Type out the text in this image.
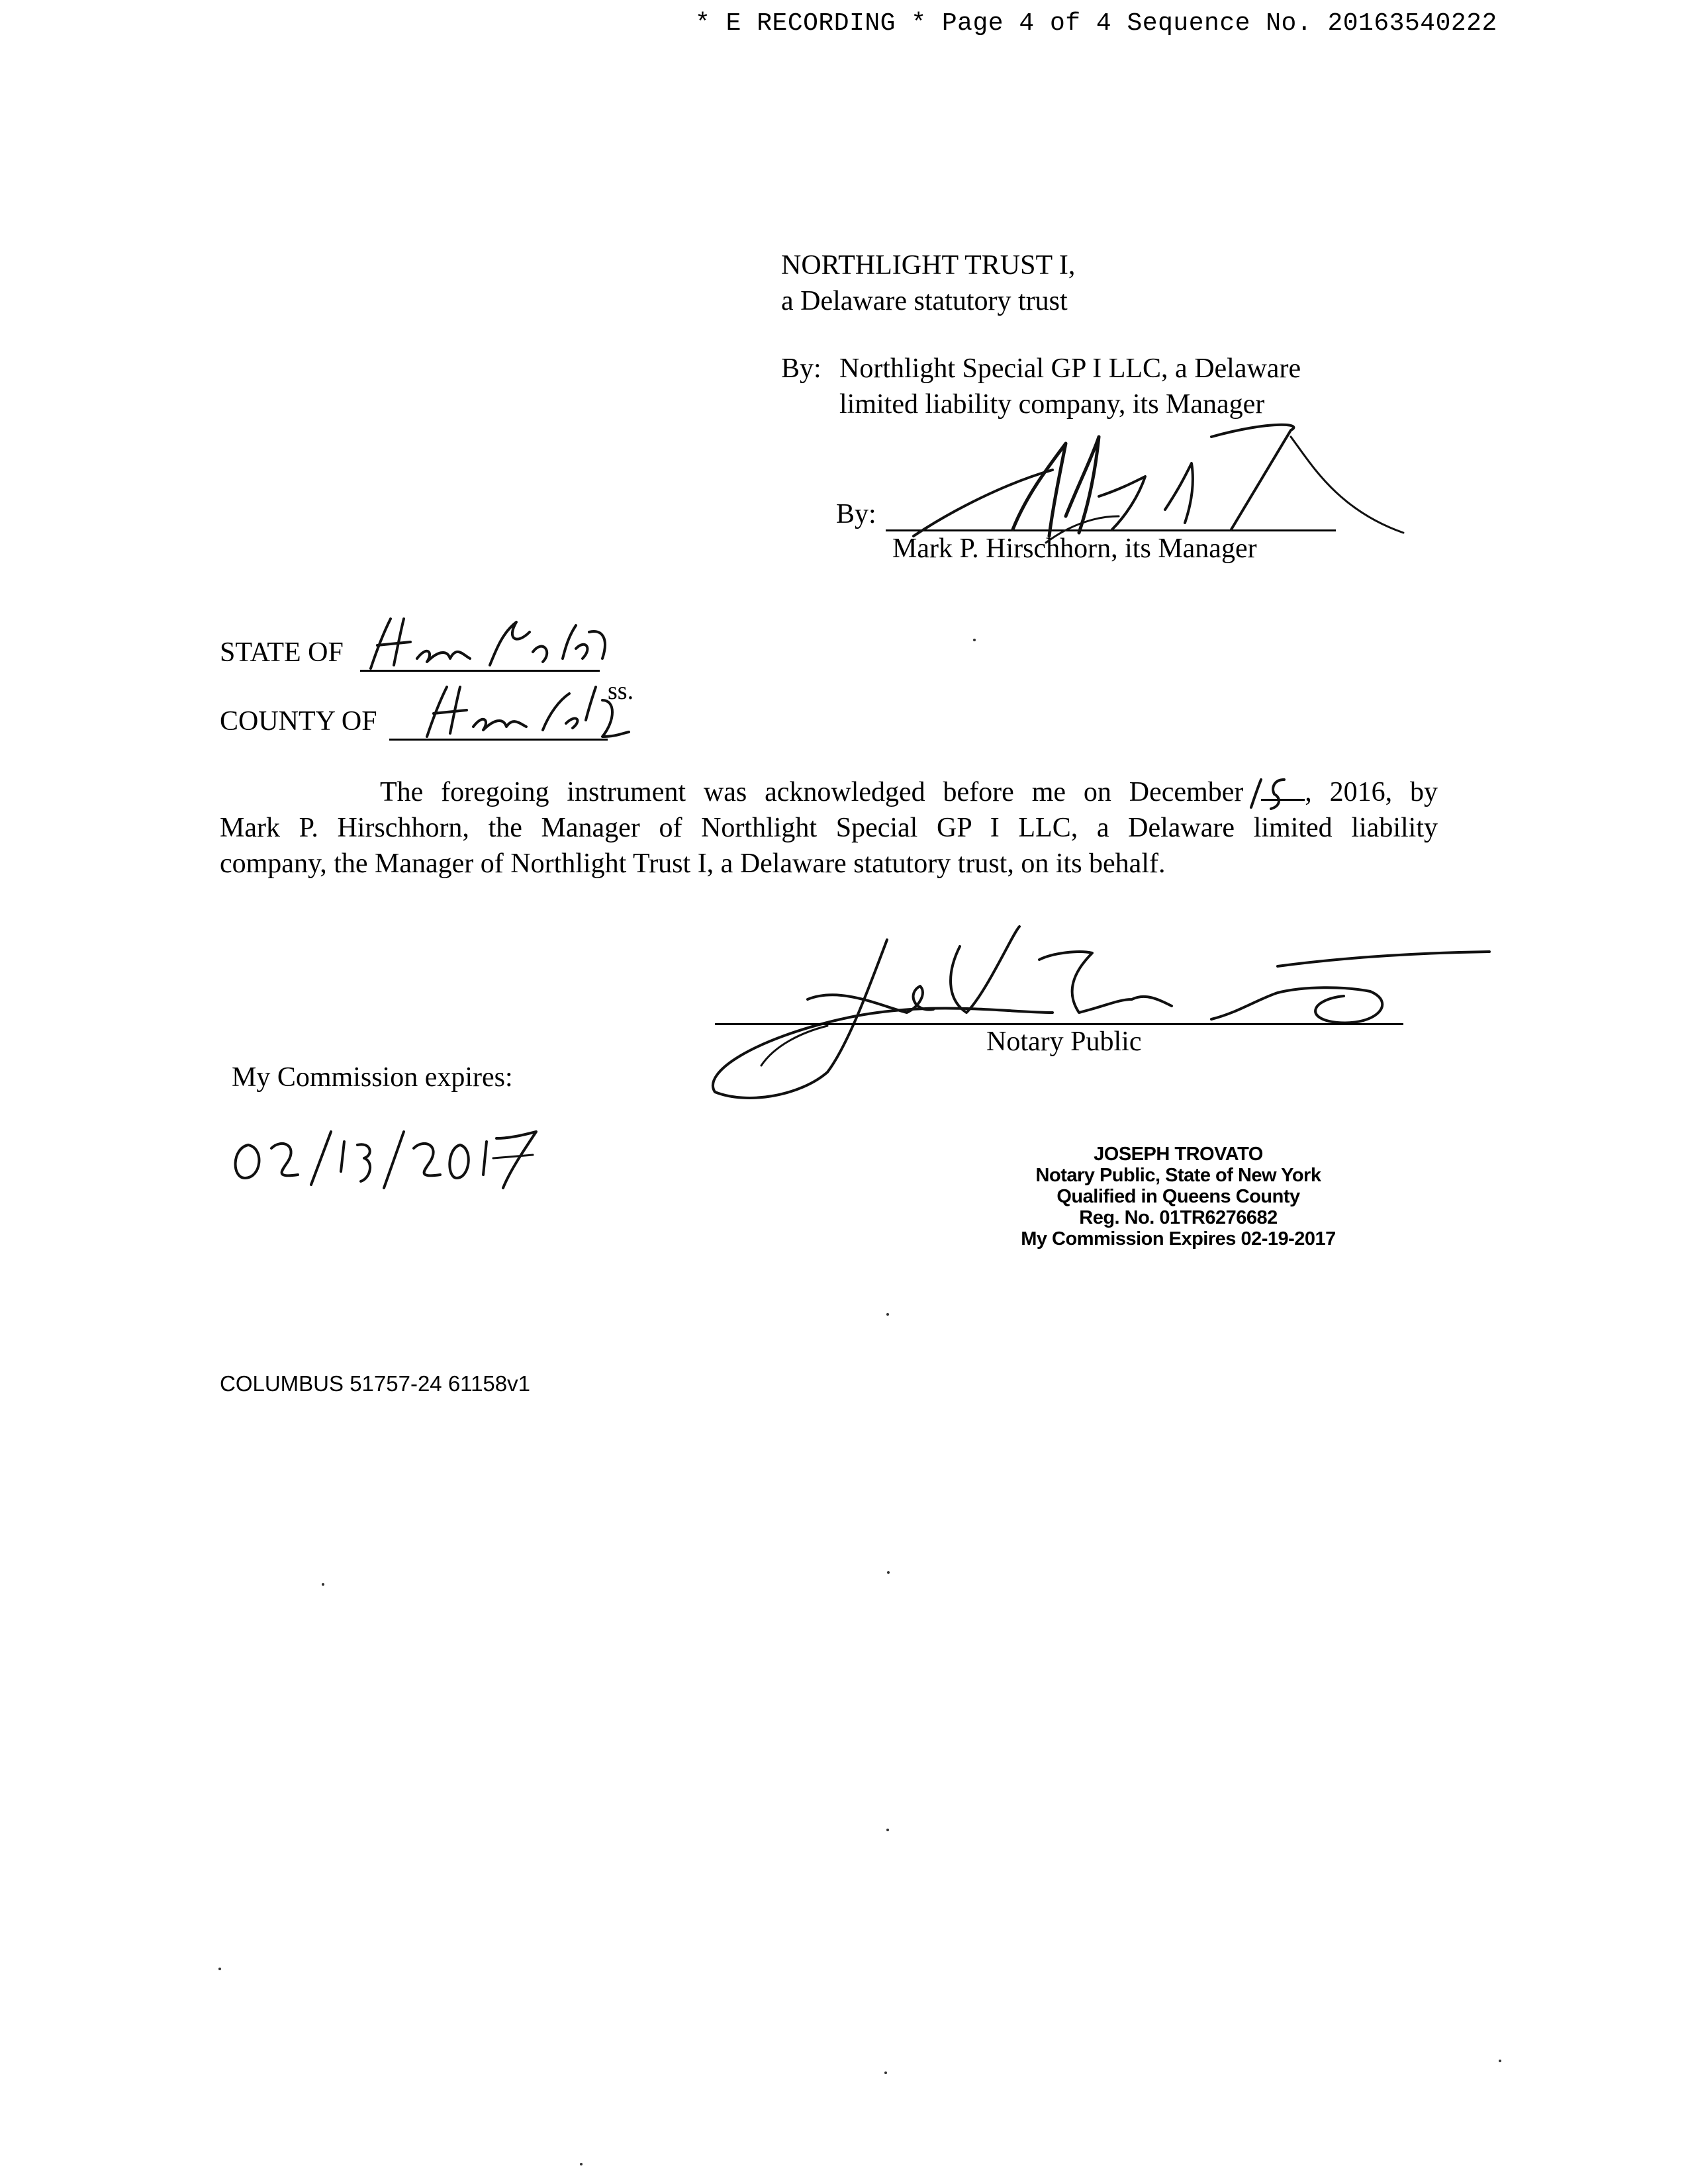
* E RECORDING * Page 4 of 4 Sequence No. 20163540222
NORTHLIGHT TRUST I,
a Delaware statutory trust
By: Northlight Special GP I LLC, a Delaware
limited liability company, its Manager
By:
Mark P. Hirschhorn, its Manager
STATE OF
COUNTY OF
ss.
The foregoing instrument was acknowledged before me on December , 2016, by
Mark P. Hirschhorn, the Manager of Northlight Special GP I LLC, a Delaware limited liability
company, the Manager of Northlight Trust I, a Delaware statutory trust, on its behalf.
Notary Public
My Commission expires:
JOSEPH TROVATO
Notary Public, State of New York
Qualified in Queens County
Reg. No. 01TR6276682
My Commission Expires 02-19-2017
COLUMBUS 51757-24 61158v1
